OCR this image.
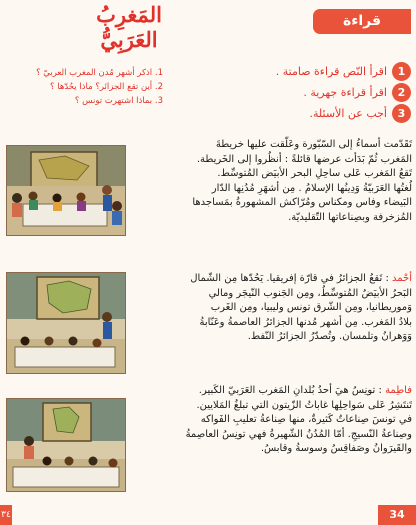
المَغرِبُ العَرَبِيُّ
قراءة
1. اذكر أشهر مُدن المغرب العربيّ ؟
2. أين تقع الجزائر؟ ماذا يحُدّها ؟
3. بماذا اشتهرت تونس ؟
1
اقرأ النّص قراءة صامتة .
2
اقرأ قراءة جهرية .
3
أجب عن الأسئلة.
تَقَدّمت أسماءُ إلى السّبّورة وعَلّقت عليها خريطةَ
المَغرب ثُمّ بَدَأت عرضها قائلةً : أنظُروا إلى الخَريطة.
تَقعُ المَغرب عَلى ساحِلِ البحر الأبيَض المُتوسِّط.
لُغتُها العَرَبيّةُ وَدِينُها الإسلامُ . مِن أشهَرِ مُدُنِها الدّار
البَيضاء وفاس ومكناس ومُرّاكش المشهورةُ بمَساجدها
المُزخرفة وبصِناعاتها التّقليديّة.
أحْمد : تَقعُ الجزائرُ في قارّة إفريقيا. يَحُدّها مِن الشّمال
البَحرُ الأبيَضُ المُتوسِّطُ، ومِن الجَنوب النّيجَر ومالي
وَموريطانيا، ومِن الشّرق تونس وليبيا، ومِن الغَرب
بلادُ المَغرب. مِن أشهر مُدنها الجزائرُ العاصمةُ وعَنّابةُ
وَوَهرانُ وتلمسان. وتُصدّرُ الجزائرُ النّفط.
فاطِمة : تونِسُ هيَ أحدُ بُلدانِ المَغرب العَرَبيّ الكَبير.
تَنتَشِرُ عَلى سَواحِلِها غاباتُ الزّيتون التي تبلغُ المَلايين.
في تونسَ صِناعاتٌ كَثيرةٌ، منها صِناعةُ تعليبِ الفَواكه
وصِناعةُ النّسيجِ. أمّا المُدُنُ الشّهيرةُ فهي تونِسُ العاصِمةُ
والقَيرَوانُ وصَفاقِسُ وسوسةُ وقابسُ.
34
٣٤
